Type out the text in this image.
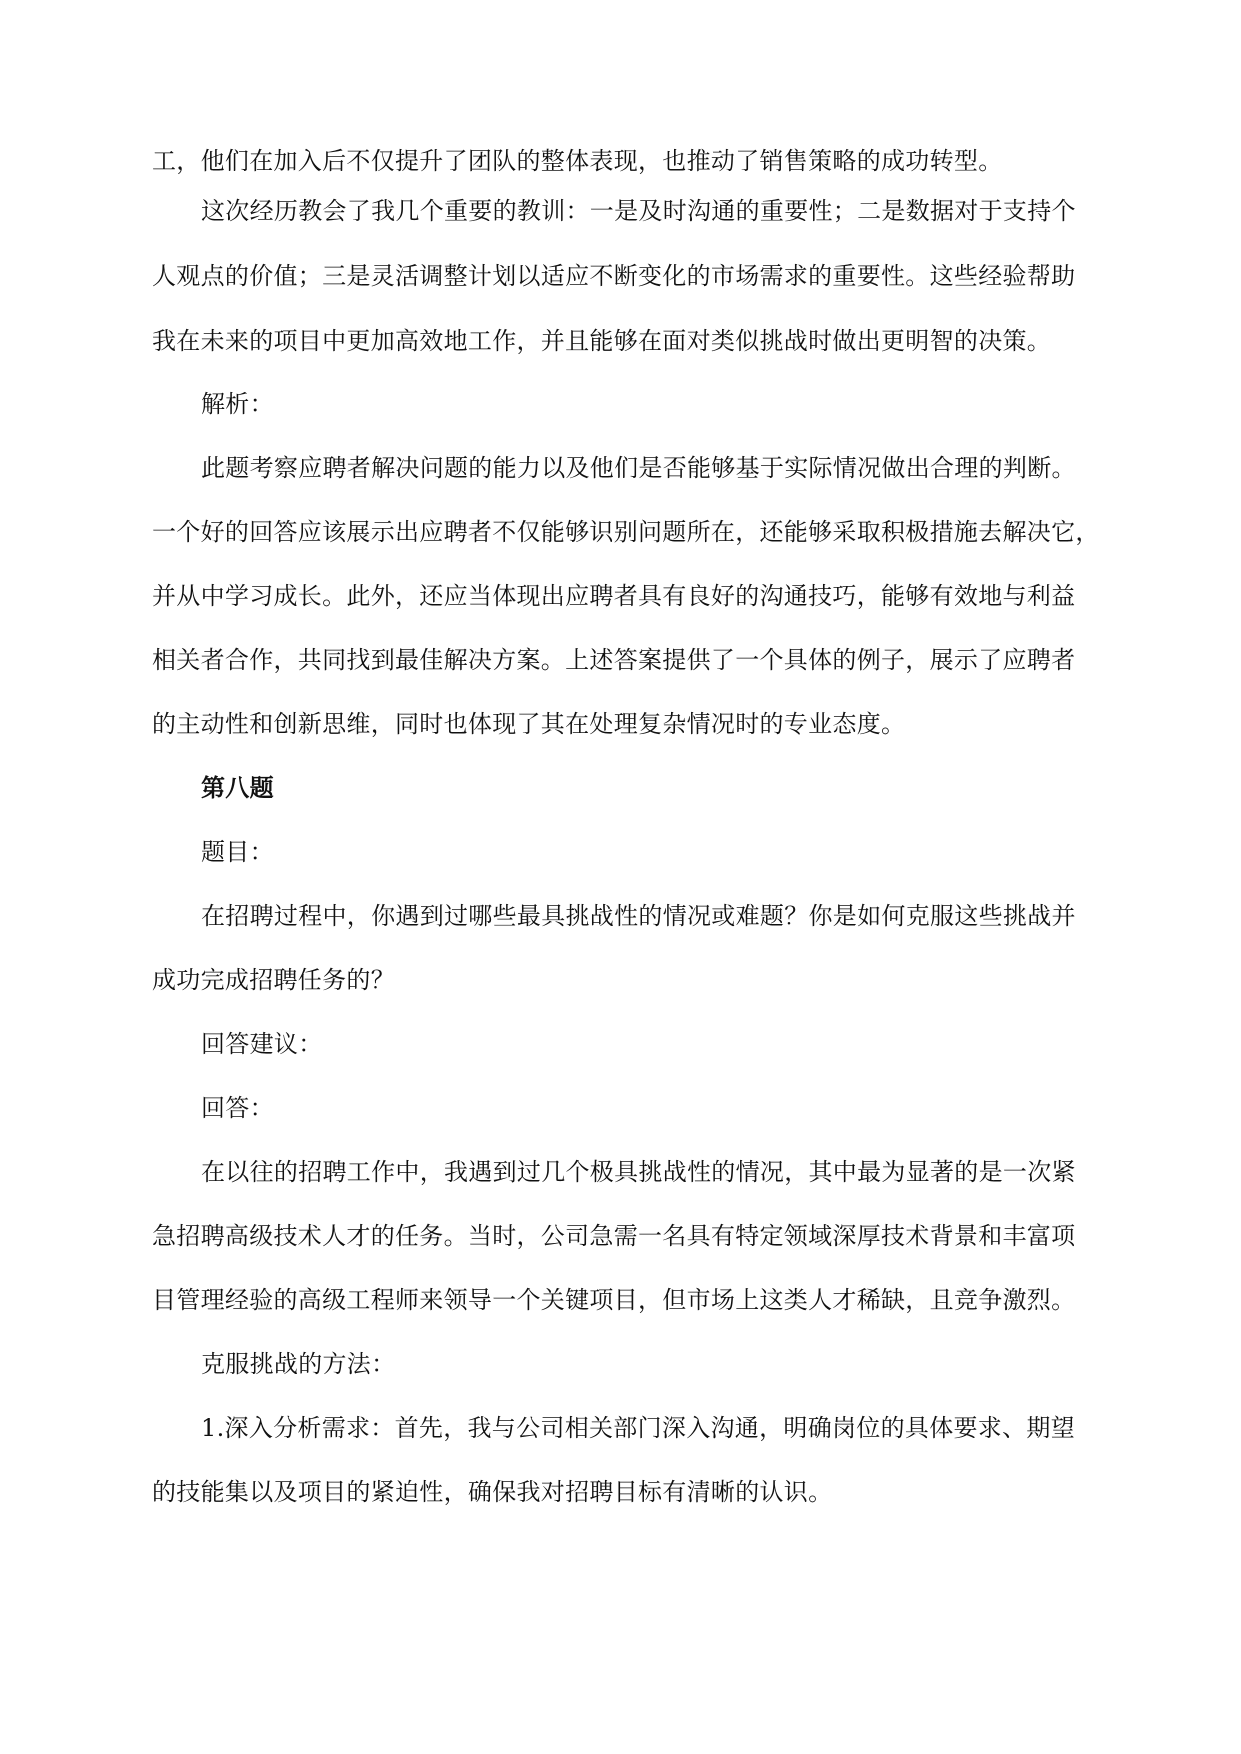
工，他们在加入后不仅提升了团队的整体表现，也推动了销售策略的成功转型。
这次经历教会了我几个重要的教训：一是及时沟通的重要性；二是数据对于支持个
人观点的价值；三是灵活调整计划以适应不断变化的市场需求的重要性。这些经验帮助
我在未来的项目中更加高效地工作，并且能够在面对类似挑战时做出更明智的决策。
解析：
此题考察应聘者解决问题的能力以及他们是否能够基于实际情况做出合理的判断。
一个好的回答应该展示出应聘者不仅能够识别问题所在，还能够采取积极措施去解决它，
并从中学习成长。此外，还应当体现出应聘者具有良好的沟通技巧，能够有效地与利益
相关者合作，共同找到最佳解决方案。上述答案提供了一个具体的例子，展示了应聘者
的主动性和创新思维，同时也体现了其在处理复杂情况时的专业态度。
第八题
题目：
在招聘过程中，你遇到过哪些最具挑战性的情况或难题？你是如何克服这些挑战并
成功完成招聘任务的？
回答建议：
回答：
在以往的招聘工作中，我遇到过几个极具挑战性的情况，其中最为显著的是一次紧
急招聘高级技术人才的任务。当时，公司急需一名具有特定领域深厚技术背景和丰富项
目管理经验的高级工程师来领导一个关键项目，但市场上这类人才稀缺，且竞争激烈。
克服挑战的方法：
1.深入分析需求：首先，我与公司相关部门深入沟通，明确岗位的具体要求、期望
的技能集以及项目的紧迫性，确保我对招聘目标有清晰的认识。
